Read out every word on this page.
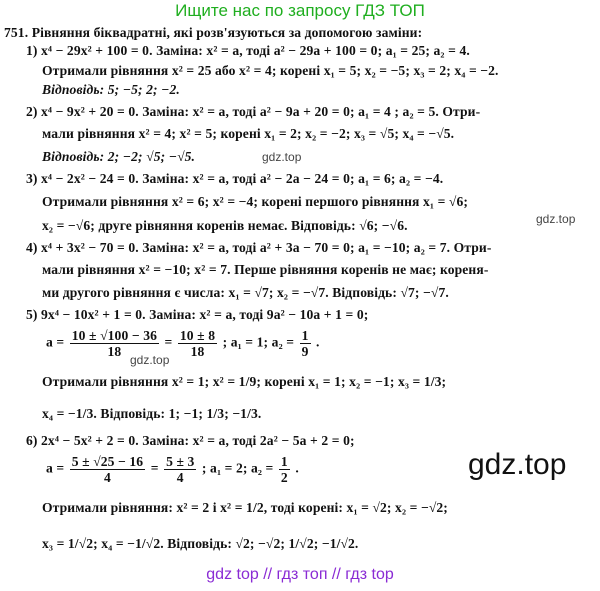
Ищите нас по запросу ГДЗ ТОП
751. Рівняння біквадратні, які розв'язуються за допомогою заміни:
1) x⁴ − 29x² + 100 = 0. Заміна: x² = a, тоді a² − 29a + 100 = 0; a₁ = 25; a₂ = 4.
Отримали рівняння x² = 25 або x² = 4; корені x₁ = 5; x₂ = −5; x₃ = 2; x₄ = −2.
Відповідь: 5; −5; 2; −2.
2) x⁴ − 9x² + 20 = 0. Заміна: x² = a, тоді a² − 9a + 20 = 0; a₁ = 4 ; a₂ = 5. Отри-
мали рівняння x² = 4; x² = 5; корені x₁ = 2; x₂ = −2; x₃ = √5; x₄ = −√5.
Відповідь: 2; −2; √5; −√5.
3) x⁴ − 2x² − 24 = 0. Заміна: x² = a, тоді a² − 2a − 24 = 0; a₁ = 6; a₂ = −4.
Отримали рівняння x² = 6; x² = −4; корені першого рівняння x₁ = √6;
x₂ = −√6; друге рівняння коренів немає. Відповідь: √6; −√6.
4) x⁴ + 3x² − 70 = 0. Заміна: x² = a, тоді a² + 3a − 70 = 0; a₁ = −10; a₂ = 7. Отри-
мали рівняння x² = −10; x² = 7. Перше рівняння коренів не має; кореня-
ми другого рівняння є числа: x₁ = √7; x₂ = −√7. Відповідь: √7; −√7.
5) 9x⁴ − 10x² + 1 = 0. Заміна: x² = a, тоді 9a² − 10a + 1 = 0;
$a = \frac{10 \pm √100 - 36}{18} = \frac{10 \pm 8}{18}$ ; a₁ = 1; $a_2 = \frac{1}{9}$ .
Отримали рівняння x² = 1; x² = 1/9; корені x₁ = 1; x₂ = −1; x₃ = 1/3;
x₄ = −1/3. Відповідь: 1; −1; 1/3; −1/3.
6) 2x⁴ − 5x² + 2 = 0. Заміна: x² = a, тоді 2a² − 5a + 2 = 0;
$a = \frac{5 \pm √25 - 16}{4} = \frac{5 \pm 3}{4}$ ; a₁ = 2; $a_2 = \frac{1}{2}$ .
Отримали рівняння: x² = 2 і x² = 1/2, тоді корені: x₁ = √2; x₂ = −√2;
x₃ = 1/√2; x₄ = −1/√2. Відповідь: √2; −√2; 1/√2; −1/√2.
gdz.top
gdz.top
gdz.top
gdz.top
gdz top // гдз топ // гдз top
